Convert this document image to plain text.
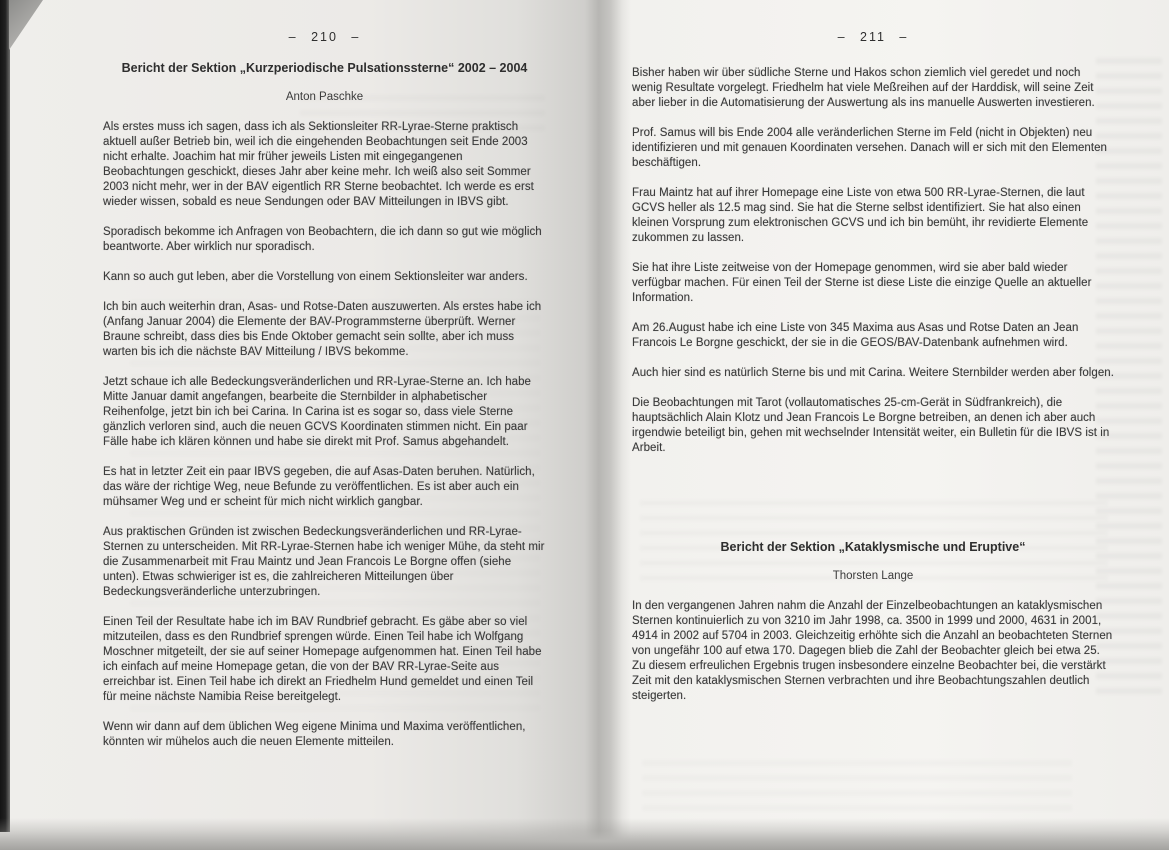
– 210 –
Bericht der Sektion „Kurzperiodische Pulsationssterne“ 2002 – 2004
Anton Paschke

Als erstes muss ich sagen, dass ich als Sektionsleiter RR-Lyrae-Sterne praktisch aktuell außer Betrieb bin, weil ich die eingehenden Beobachtungen seit Ende 2003 nicht erhalte. Joachim hat mir früher jeweils Listen mit eingegangenen Beobachtungen geschickt, dieses Jahr aber keine mehr. Ich weiß also seit Sommer 2003 nicht mehr, wer in der BAV eigentlich RR Sterne beobachtet. Ich werde es erst wieder wissen, sobald es neue Sendungen oder BAV Mitteilungen in IBVS gibt.

Sporadisch bekomme ich Anfragen von Beobachtern, die ich dann so gut wie möglich beantworte. Aber wirklich nur sporadisch.

Kann so auch gut leben, aber die Vorstellung von einem Sektionsleiter war anders.

Ich bin auch weiterhin dran, Asas- und Rotse-Daten auszuwerten. Als erstes habe ich (Anfang Januar 2004) die Elemente der BAV-Programmsterne überprüft. Werner Braune schreibt, dass dies bis Ende Oktober gemacht sein sollte, aber ich muss warten bis ich die nächste BAV Mitteilung / IBVS bekomme.

Jetzt schaue ich alle Bedeckungsveränderlichen und RR-Lyrae-Sterne an. Ich habe Mitte Januar damit angefangen, bearbeite die Sternbilder in alphabetischer Reihenfolge, jetzt bin ich bei Carina. In Carina ist es sogar so, dass viele Sterne gänzlich verloren sind, auch die neuen GCVS Koordinaten stimmen nicht. Ein paar Fälle habe ich klären können und habe sie direkt mit Prof. Samus abgehandelt.

Es hat in letzter Zeit ein paar IBVS gegeben, die auf Asas-Daten beruhen. Natürlich, das wäre der richtige Weg, neue Befunde zu veröffentlichen. Es ist aber auch ein mühsamer Weg und er scheint für mich nicht wirklich gangbar.

Aus praktischen Gründen ist zwischen Bedeckungsveränderlichen und RR-Lyrae-Sternen zu unterscheiden. Mit RR-Lyrae-Sternen habe ich weniger Mühe, da steht mir die Zusammenarbeit mit Frau Maintz und Jean Francois Le Borgne offen (siehe unten). Etwas schwieriger ist es, die zahlreicheren Mitteilungen über Bedeckungsveränderliche unterzubringen.

Einen Teil der Resultate habe ich im BAV Rundbrief gebracht. Es gäbe aber so viel mitzuteilen, dass es den Rundbrief sprengen würde. Einen Teil habe ich Wolfgang Moschner mitgeteilt, der sie auf seiner Homepage aufgenommen hat. Einen Teil habe ich einfach auf meine Homepage getan, die von der BAV RR-Lyrae-Seite aus erreichbar ist. Einen Teil habe ich direkt an Friedhelm Hund gemeldet und einen Teil für meine nächste Namibia Reise bereitgelegt.

Wenn wir dann auf dem üblichen Weg eigene Minima und Maxima veröffentlichen, könnten wir mühelos auch die neuen Elemente mitteilen.

– 211 –

Bisher haben wir über südliche Sterne und Hakos schon ziemlich viel geredet und noch wenig Resultate vorgelegt. Friedhelm hat viele Meßreihen auf der Harddisk, will seine Zeit aber lieber in die Automatisierung der Auswertung als ins manuelle Auswerten investieren.

Prof. Samus will bis Ende 2004 alle veränderlichen Sterne im Feld (nicht in Objekten) neu identifizieren und mit genauen Koordinaten versehen. Danach will er sich mit den Elementen beschäftigen.

Frau Maintz hat auf ihrer Homepage eine Liste von etwa 500 RR-Lyrae-Sternen, die laut GCVS heller als 12.5 mag sind. Sie hat die Sterne selbst identifiziert. Sie hat also einen kleinen Vorsprung zum elektronischen GCVS und ich bin bemüht, ihr revidierte Elemente zukommen zu lassen.

Sie hat ihre Liste zeitweise von der Homepage genommen, wird sie aber bald wieder verfügbar machen. Für einen Teil der Sterne ist diese Liste die einzige Quelle an aktueller Information.

Am 26.August habe ich eine Liste von 345 Maxima aus Asas und Rotse Daten an Jean Francois Le Borgne geschickt, der sie in die GEOS/BAV-Datenbank aufnehmen wird.

Auch hier sind es natürlich Sterne bis und mit Carina. Weitere Sternbilder werden aber folgen.

Die Beobachtungen mit Tarot (vollautomatisches 25-cm-Gerät in Südfrankreich), die hauptsächlich Alain Klotz und Jean Francois Le Borgne betreiben, an denen ich aber auch irgendwie beteiligt bin, gehen mit wechselnder Intensität weiter, ein Bulletin für die IBVS ist in Arbeit.

Bericht der Sektion „Kataklysmische und Eruptive“
Thorsten Lange

In den vergangenen Jahren nahm die Anzahl der Einzelbeobachtungen an kataklysmischen Sternen kontinuierlich zu von 3210 im Jahr 1998, ca. 3500 in 1999 und 2000, 4631 in 2001, 4914 in 2002 auf 5704 in 2003. Gleichzeitig erhöhte sich die Anzahl an beobachteten Sternen von ungefähr 100 auf etwa 170. Dagegen blieb die Zahl der Beobachter gleich bei etwa 25. Zu diesem erfreulichen Ergebnis trugen insbesondere einzelne Beobachter bei, die verstärkt Zeit mit den kataklysmischen Sternen verbrachten und ihre Beobachtungszahlen deutlich steigerten.
